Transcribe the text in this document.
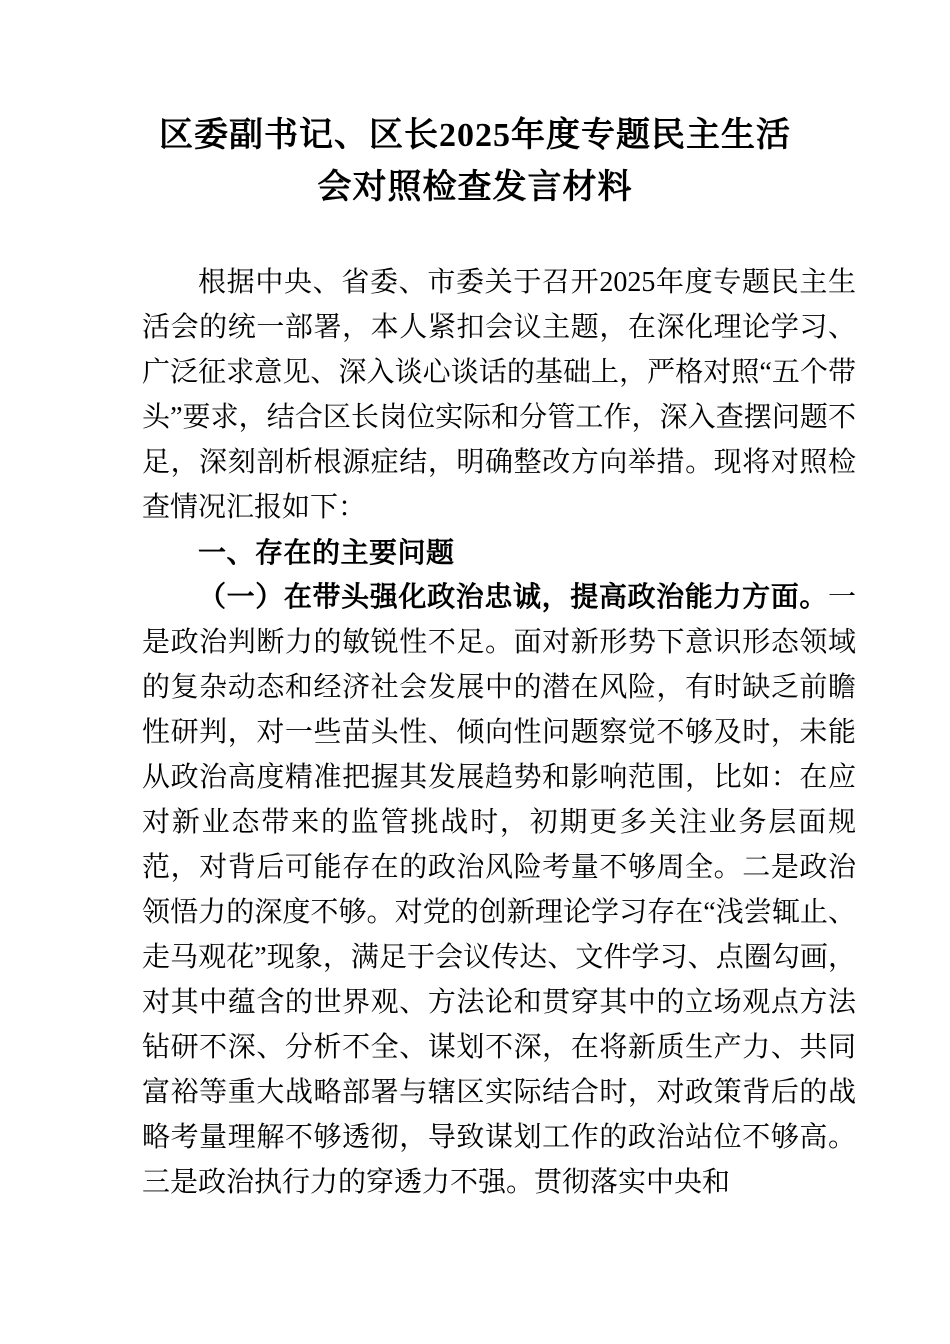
区委副书记、区长2025年度专题民主生活
会对照检查发言材料

根据中央、省委、市委关于召开2025年度专题民主生活会的统一部署，本人紧扣会议主题，在深化理论学习、广泛征求意见、深入谈心谈话的基础上，严格对照“五个带头”要求，结合区长岗位实际和分管工作，深入查摆问题不足，深刻剖析根源症结，明确整改方向举措。现将对照检查情况汇报如下：

一、存在的主要问题

（一）在带头强化政治忠诚，提高政治能力方面。一是政治判断力的敏锐性不足。面对新形势下意识形态领域的复杂动态和经济社会发展中的潜在风险，有时缺乏前瞻性研判，对一些苗头性、倾向性问题察觉不够及时，未能从政治高度精准把握其发展趋势和影响范围，比如：在应对新业态带来的监管挑战时，初期更多关注业务层面规范，对背后可能存在的政治风险考量不够周全。二是政治领悟力的深度不够。对党的创新理论学习存在“浅尝辄止、走马观花”现象，满足于会议传达、文件学习、点圈勾画，对其中蕴含的世界观、方法论和贯穿其中的立场观点方法钻研不深、分析不全、谋划不深，在将新质生产力、共同富裕等重大战略部署与辖区实际结合时，对政策背后的战略考量理解不够透彻，导致谋划工作的政治站位不够高。三是政治执行力的穿透力不强。贯彻落实中央和
